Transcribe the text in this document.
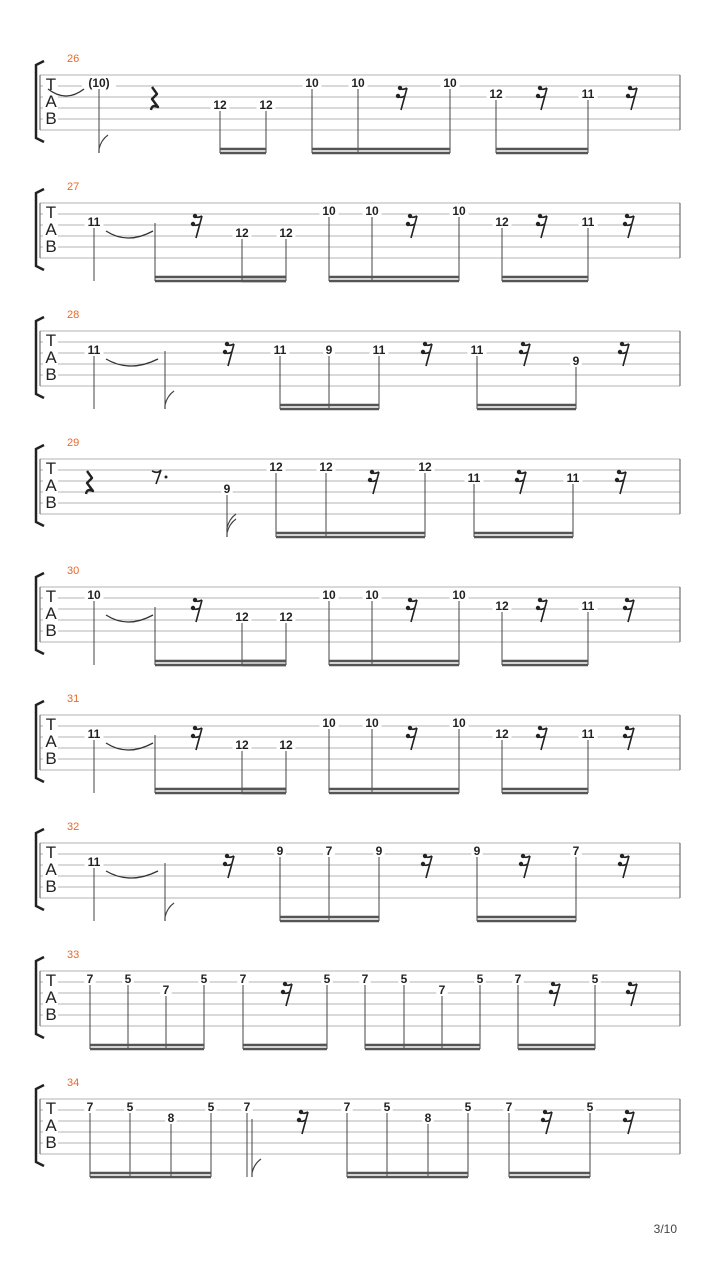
26
T
A
B
(10)
12	12
10	10	10
12	11
27
T
A
B
11
12	12
10 10	10
12	11
28
T
A
B
11	11	9	11	11
9
29
T
A
B
9
12	12	12
11	11
30
T
A
B
10
12	12
10 10	10
12	11
31
T
A
B
11
12	12
10 10	10
12	11
32
T
A
B
11
9	7	9	9	7
33
T
A
B
7	5
7
5	7	5	7	5
7
5	7	5
34
T
A
B
7	5
8
5 7	7	5
8
5	7	5
3/10
